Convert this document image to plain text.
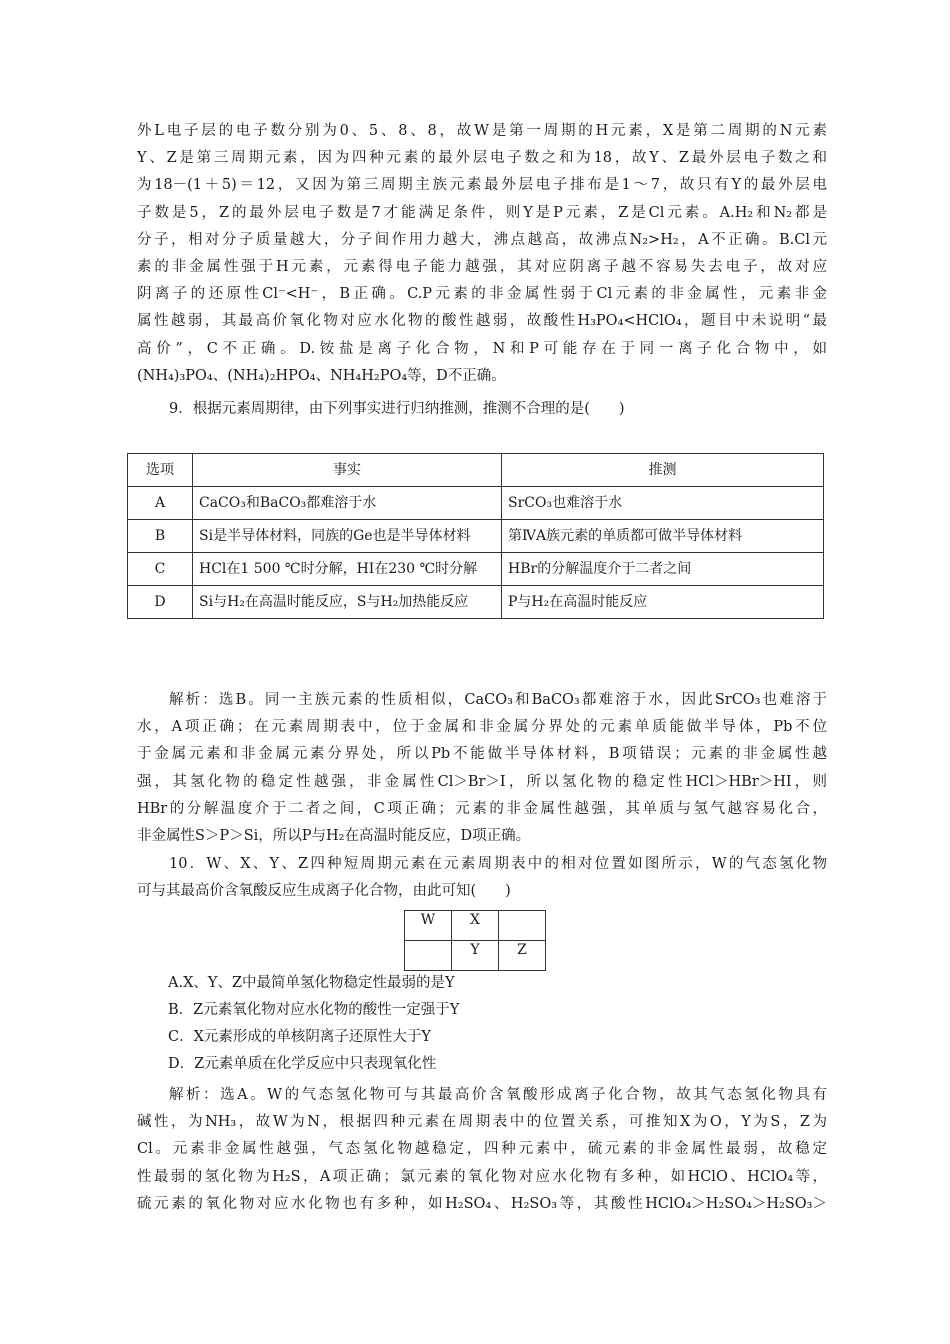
外L电子层的电子数分别为0、5、8、8，故W是第一周期的H元素，X是第二周期的N元素
Y、Z是第三周期元素，因为四种元素的最外层电子数之和为18，故Y、Z最外层电子数之和
为18－(1＋5)＝12，又因为第三周期主族元素最外层电子排布是1～7，故只有Y的最外层电
子数是5，Z的最外层电子数是7才能满足条件，则Y是P元素，Z是Cl元素。A.H₂和N₂都是
分子，相对分子质量越大，分子间作用力越大，沸点越高，故沸点N₂>H₂，A不正确。B.Cl元
素的非金属性强于H元素，元素得电子能力越强，其对应阴离子越不容易失去电子，故对应
阴离子的还原性Cl⁻<H⁻，B正确。C.P元素的非金属性弱于Cl元素的非金属性，元素非金
属性越弱，其最高价氧化物对应水化物的酸性越弱，故酸性H₃PO₄<HClO₄，题目中未说明“最
高价”，C不正确。D.铵盐是离子化合物，N和P可能存在于同一离子化合物中，如
(NH₄)₃PO₄、(NH₄)₂HPO₄、NH₄H₂PO₄等，D不正确。
9．根据元素周期律，由下列事实进行归纳推测，推测不合理的是(　　)
选项	事实	推测
A	CaCO₃和BaCO₃都难溶于水	SrCO₃也难溶于水
B	Si是半导体材料，同族的Ge也是半导体材料	第ⅣA族元素的单质都可做半导体材料
C	HCl在1 500 ℃时分解，HI在230 ℃时分解	HBr的分解温度介于二者之间
D	Si与H₂在高温时能反应，S与H₂加热能反应	P与H₂在高温时能反应
解析：选B。同一主族元素的性质相似，CaCO₃和BaCO₃都难溶于水，因此SrCO₃也难溶于
水，A项正确；在元素周期表中，位于金属和非金属分界处的元素单质能做半导体，Pb不位
于金属元素和非金属元素分界处，所以Pb不能做半导体材料，B项错误；元素的非金属性越
强，其氢化物的稳定性越强，非金属性Cl＞Br＞I，所以氢化物的稳定性HCl＞HBr＞HI，则
HBr的分解温度介于二者之间，C项正确；元素的非金属性越强，其单质与氢气越容易化合，
非金属性S＞P＞Si，所以P与H₂在高温时能反应，D项正确。
10．W、X、Y、Z四种短周期元素在元素周期表中的相对位置如图所示，W的气态氢化物
可与其最高价含氧酸反应生成离子化合物，由此可知(　　)
W	X	
	Y	Z
A.X、Y、Z中最简单氢化物稳定性最弱的是Y
B．Z元素氧化物对应水化物的酸性一定强于Y
C．X元素形成的单核阴离子还原性大于Y
D．Z元素单质在化学反应中只表现氧化性
解析：选A。W的气态氢化物可与其最高价含氧酸形成离子化合物，故其气态氢化物具有
碱性，为NH₃，故W为N，根据四种元素在周期表中的位置关系，可推知X为O，Y为S，Z为
Cl。元素非金属性越强，气态氢化物越稳定，四种元素中，硫元素的非金属性最弱，故稳定
性最弱的氢化物为H₂S，A项正确；氯元素的氧化物对应水化物有多种，如HClO、HClO₄等，
硫元素的氧化物对应水化物也有多种，如H₂SO₄、H₂SO₃等，其酸性HClO₄＞H₂SO₄＞H₂SO₃＞
